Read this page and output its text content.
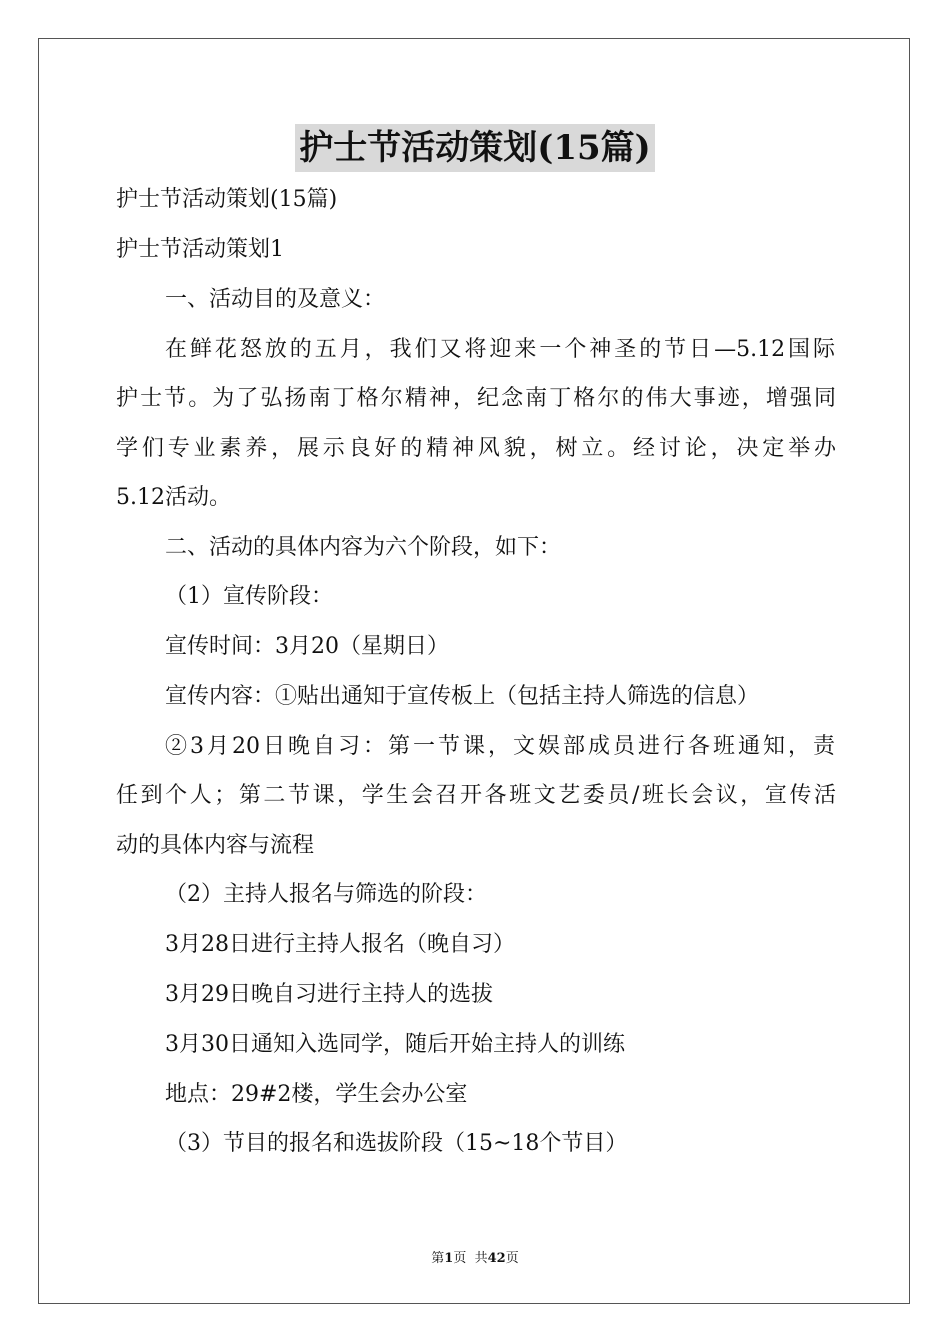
护士节活动策划(15篇)
护士节活动策划(15篇)
护士节活动策划1
一、活动目的及意义：
在鲜花怒放的五月，我们又将迎来一个神圣的节日—5.12国际
护士节。为了弘扬南丁格尔精神，纪念南丁格尔的伟大事迹，增强同
学们专业素养，展示良好的精神风貌，树立。经讨论，决定举办
5.12活动。
二、活动的具体内容为六个阶段，如下：
（1）宣传阶段：
宣传时间：3月20（星期日）
宣传内容：①贴出通知于宣传板上（包括主持人筛选的信息）
②3月20日晚自习：第一节课，文娱部成员进行各班通知，责
任到个人；第二节课，学生会召开各班文艺委员/班长会议，宣传活
动的具体内容与流程
（2）主持人报名与筛选的阶段：
3月28日进行主持人报名（晚自习）
3月29日晚自习进行主持人的选拔
3月30日通知入选同学，随后开始主持人的训练
地点：29#2楼，学生会办公室
（3）节目的报名和选拔阶段（15~18个节目）
第1页  共42页
